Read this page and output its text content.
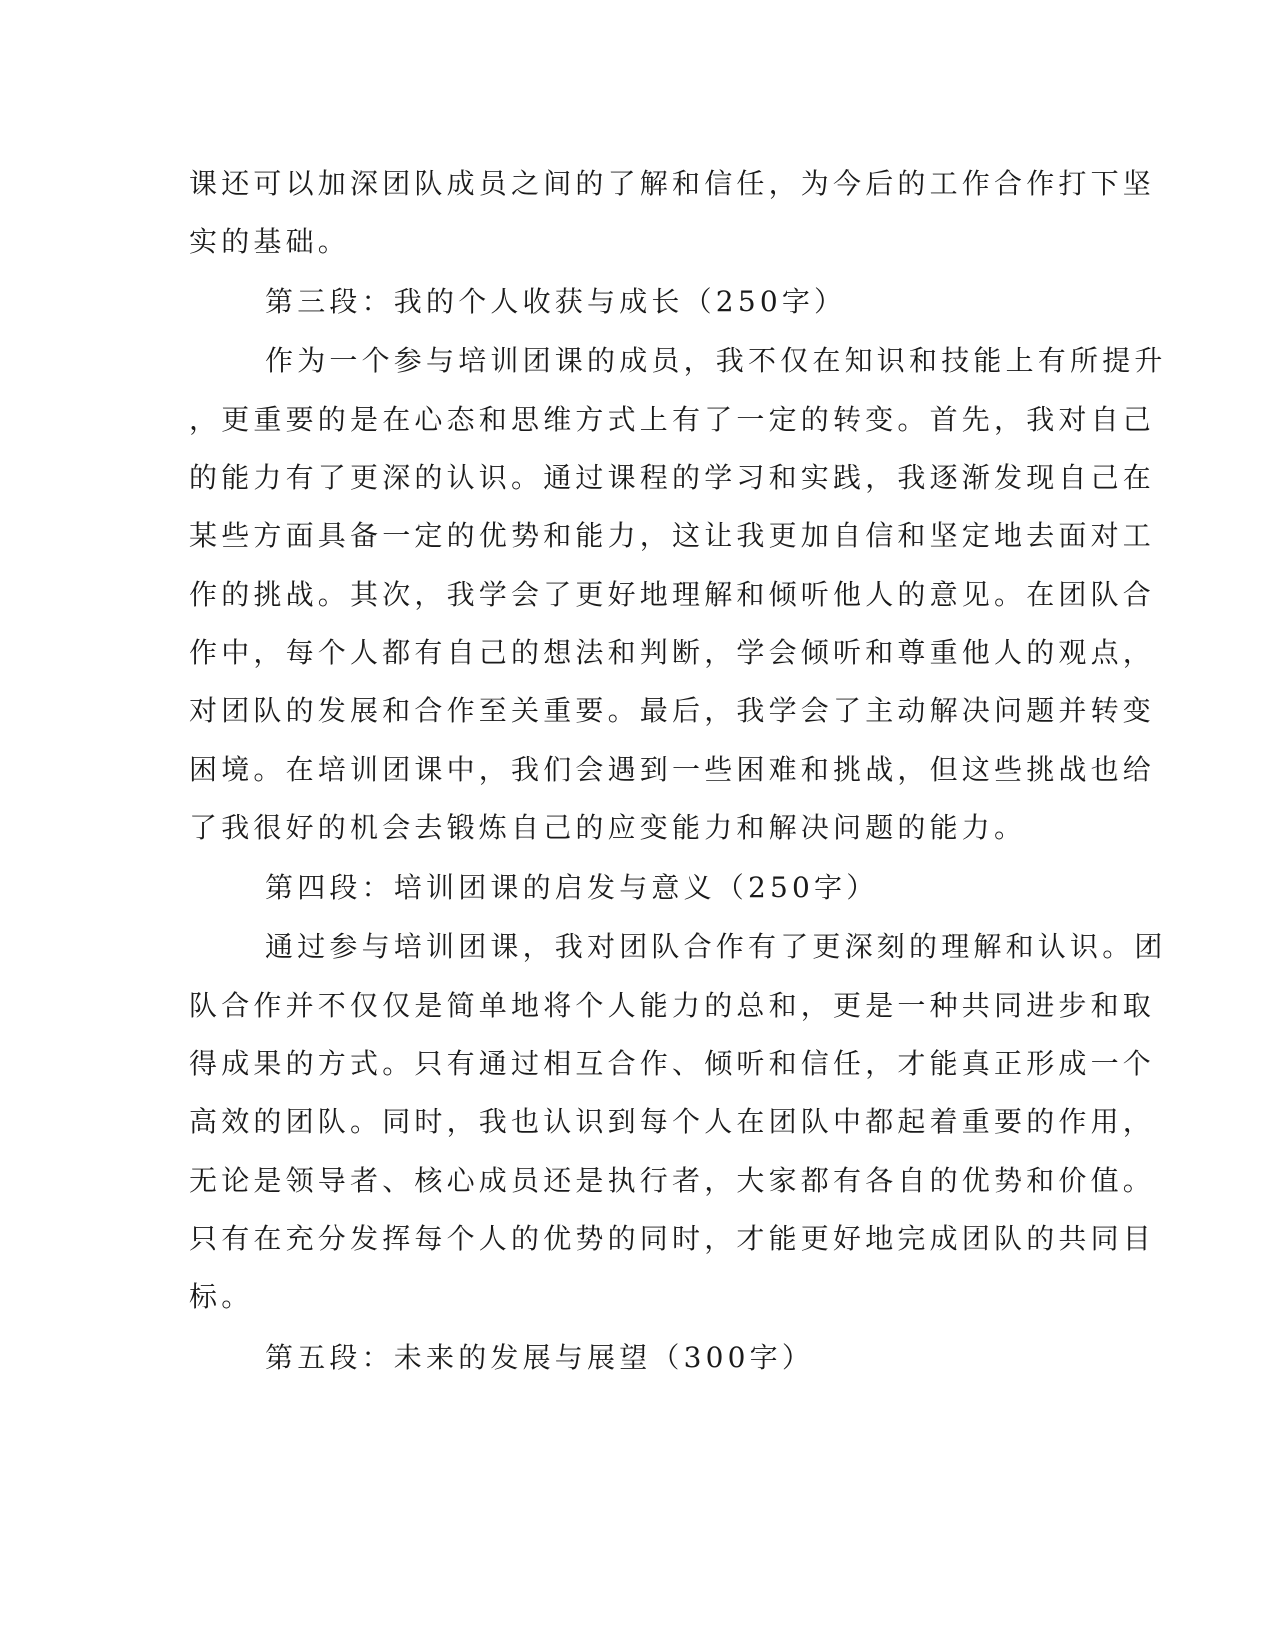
课还可以加深团队成员之间的了解和信任，为今后的工作合作打下坚
实的基础。
第三段：我的个人收获与成长（250字）
作为一个参与培训团课的成员，我不仅在知识和技能上有所提升
，更重要的是在心态和思维方式上有了一定的转变。首先，我对自己
的能力有了更深的认识。通过课程的学习和实践，我逐渐发现自己在
某些方面具备一定的优势和能力，这让我更加自信和坚定地去面对工
作的挑战。其次，我学会了更好地理解和倾听他人的意见。在团队合
作中，每个人都有自己的想法和判断，学会倾听和尊重他人的观点，
对团队的发展和合作至关重要。最后，我学会了主动解决问题并转变
困境。在培训团课中，我们会遇到一些困难和挑战，但这些挑战也给
了我很好的机会去锻炼自己的应变能力和解决问题的能力。
第四段：培训团课的启发与意义（250字）
通过参与培训团课，我对团队合作有了更深刻的理解和认识。团
队合作并不仅仅是简单地将个人能力的总和，更是一种共同进步和取
得成果的方式。只有通过相互合作、倾听和信任，才能真正形成一个
高效的团队。同时，我也认识到每个人在团队中都起着重要的作用，
无论是领导者、核心成员还是执行者，大家都有各自的优势和价值。
只有在充分发挥每个人的优势的同时，才能更好地完成团队的共同目
标。
第五段：未来的发展与展望（300字）
